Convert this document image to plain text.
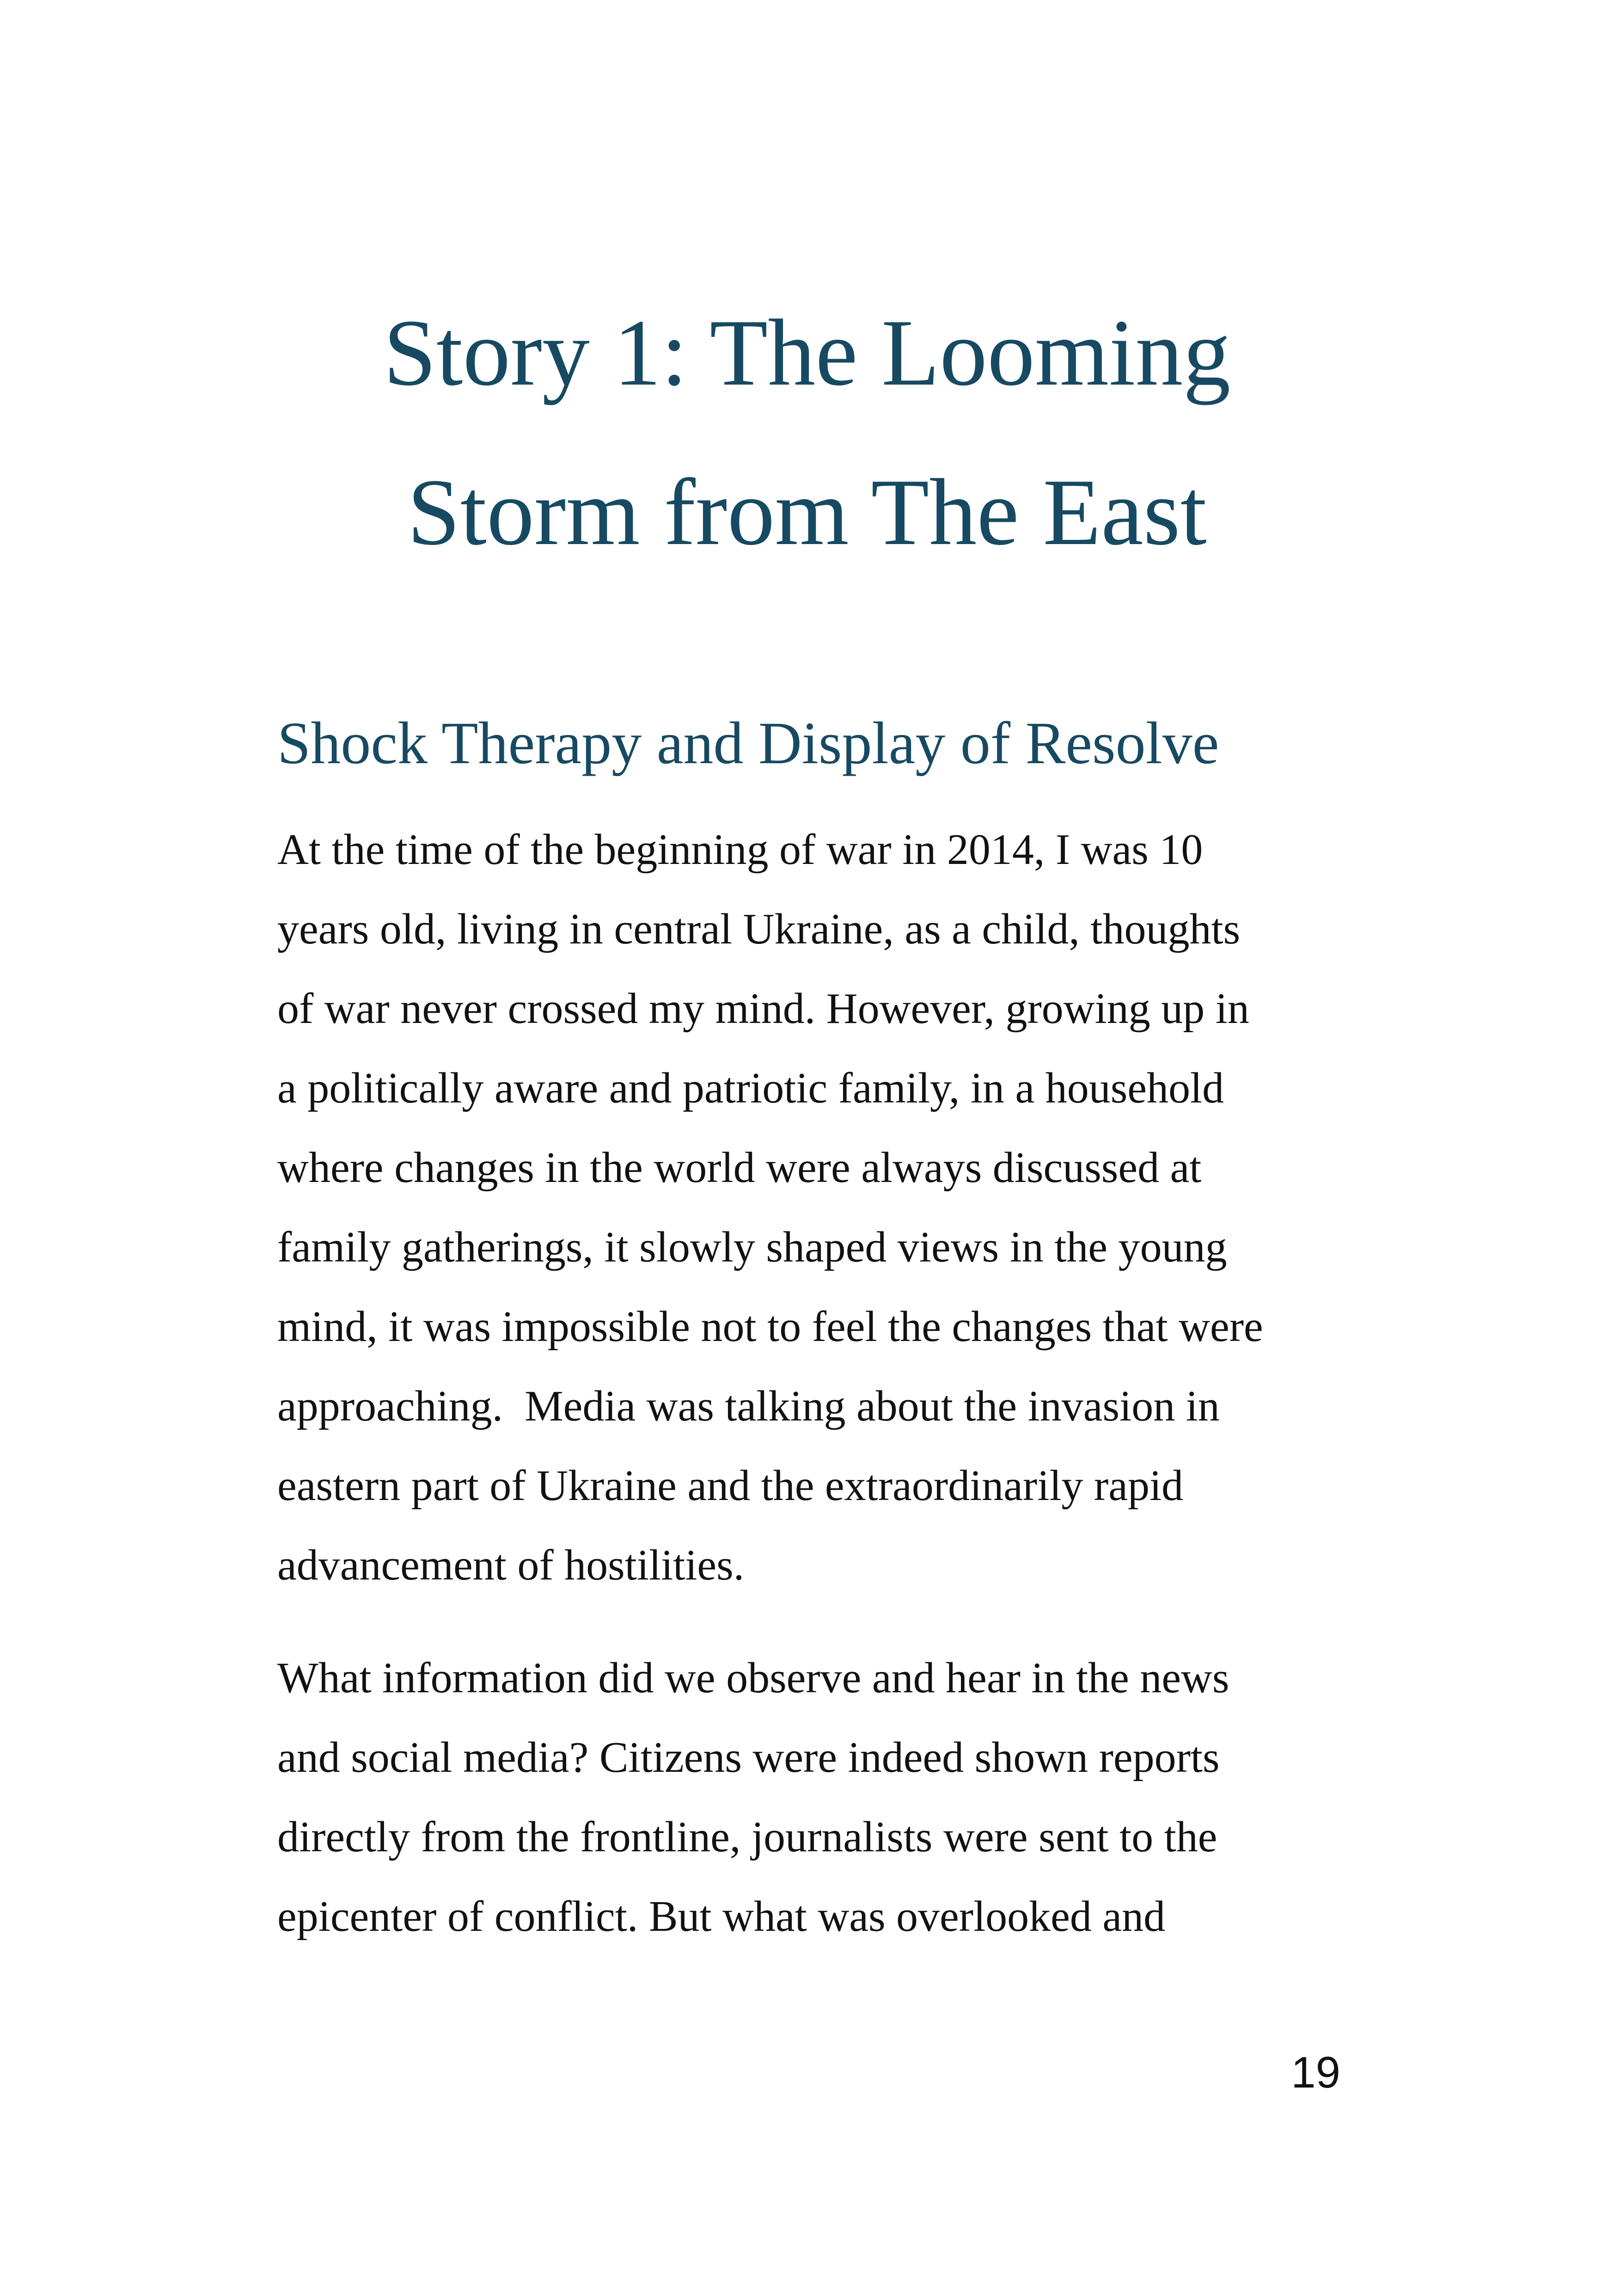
Story 1: The Looming
Storm from The East
Shock Therapy and Display of Resolve

At the time of the beginning of war in 2014, I was 10
years old, living in central Ukraine, as a child, thoughts
of war never crossed my mind. However, growing up in
a politically aware and patriotic family, in a household
where changes in the world were always discussed at
family gatherings, it slowly shaped views in the young
mind, it was impossible not to feel the changes that were
approaching.  Media was talking about the invasion in
eastern part of Ukraine and the extraordinarily rapid
advancement of hostilities.

What information did we observe and hear in the news
and social media? Citizens were indeed shown reports
directly from the frontline, journalists were sent to the
epicenter of conflict. But what was overlooked and

19
